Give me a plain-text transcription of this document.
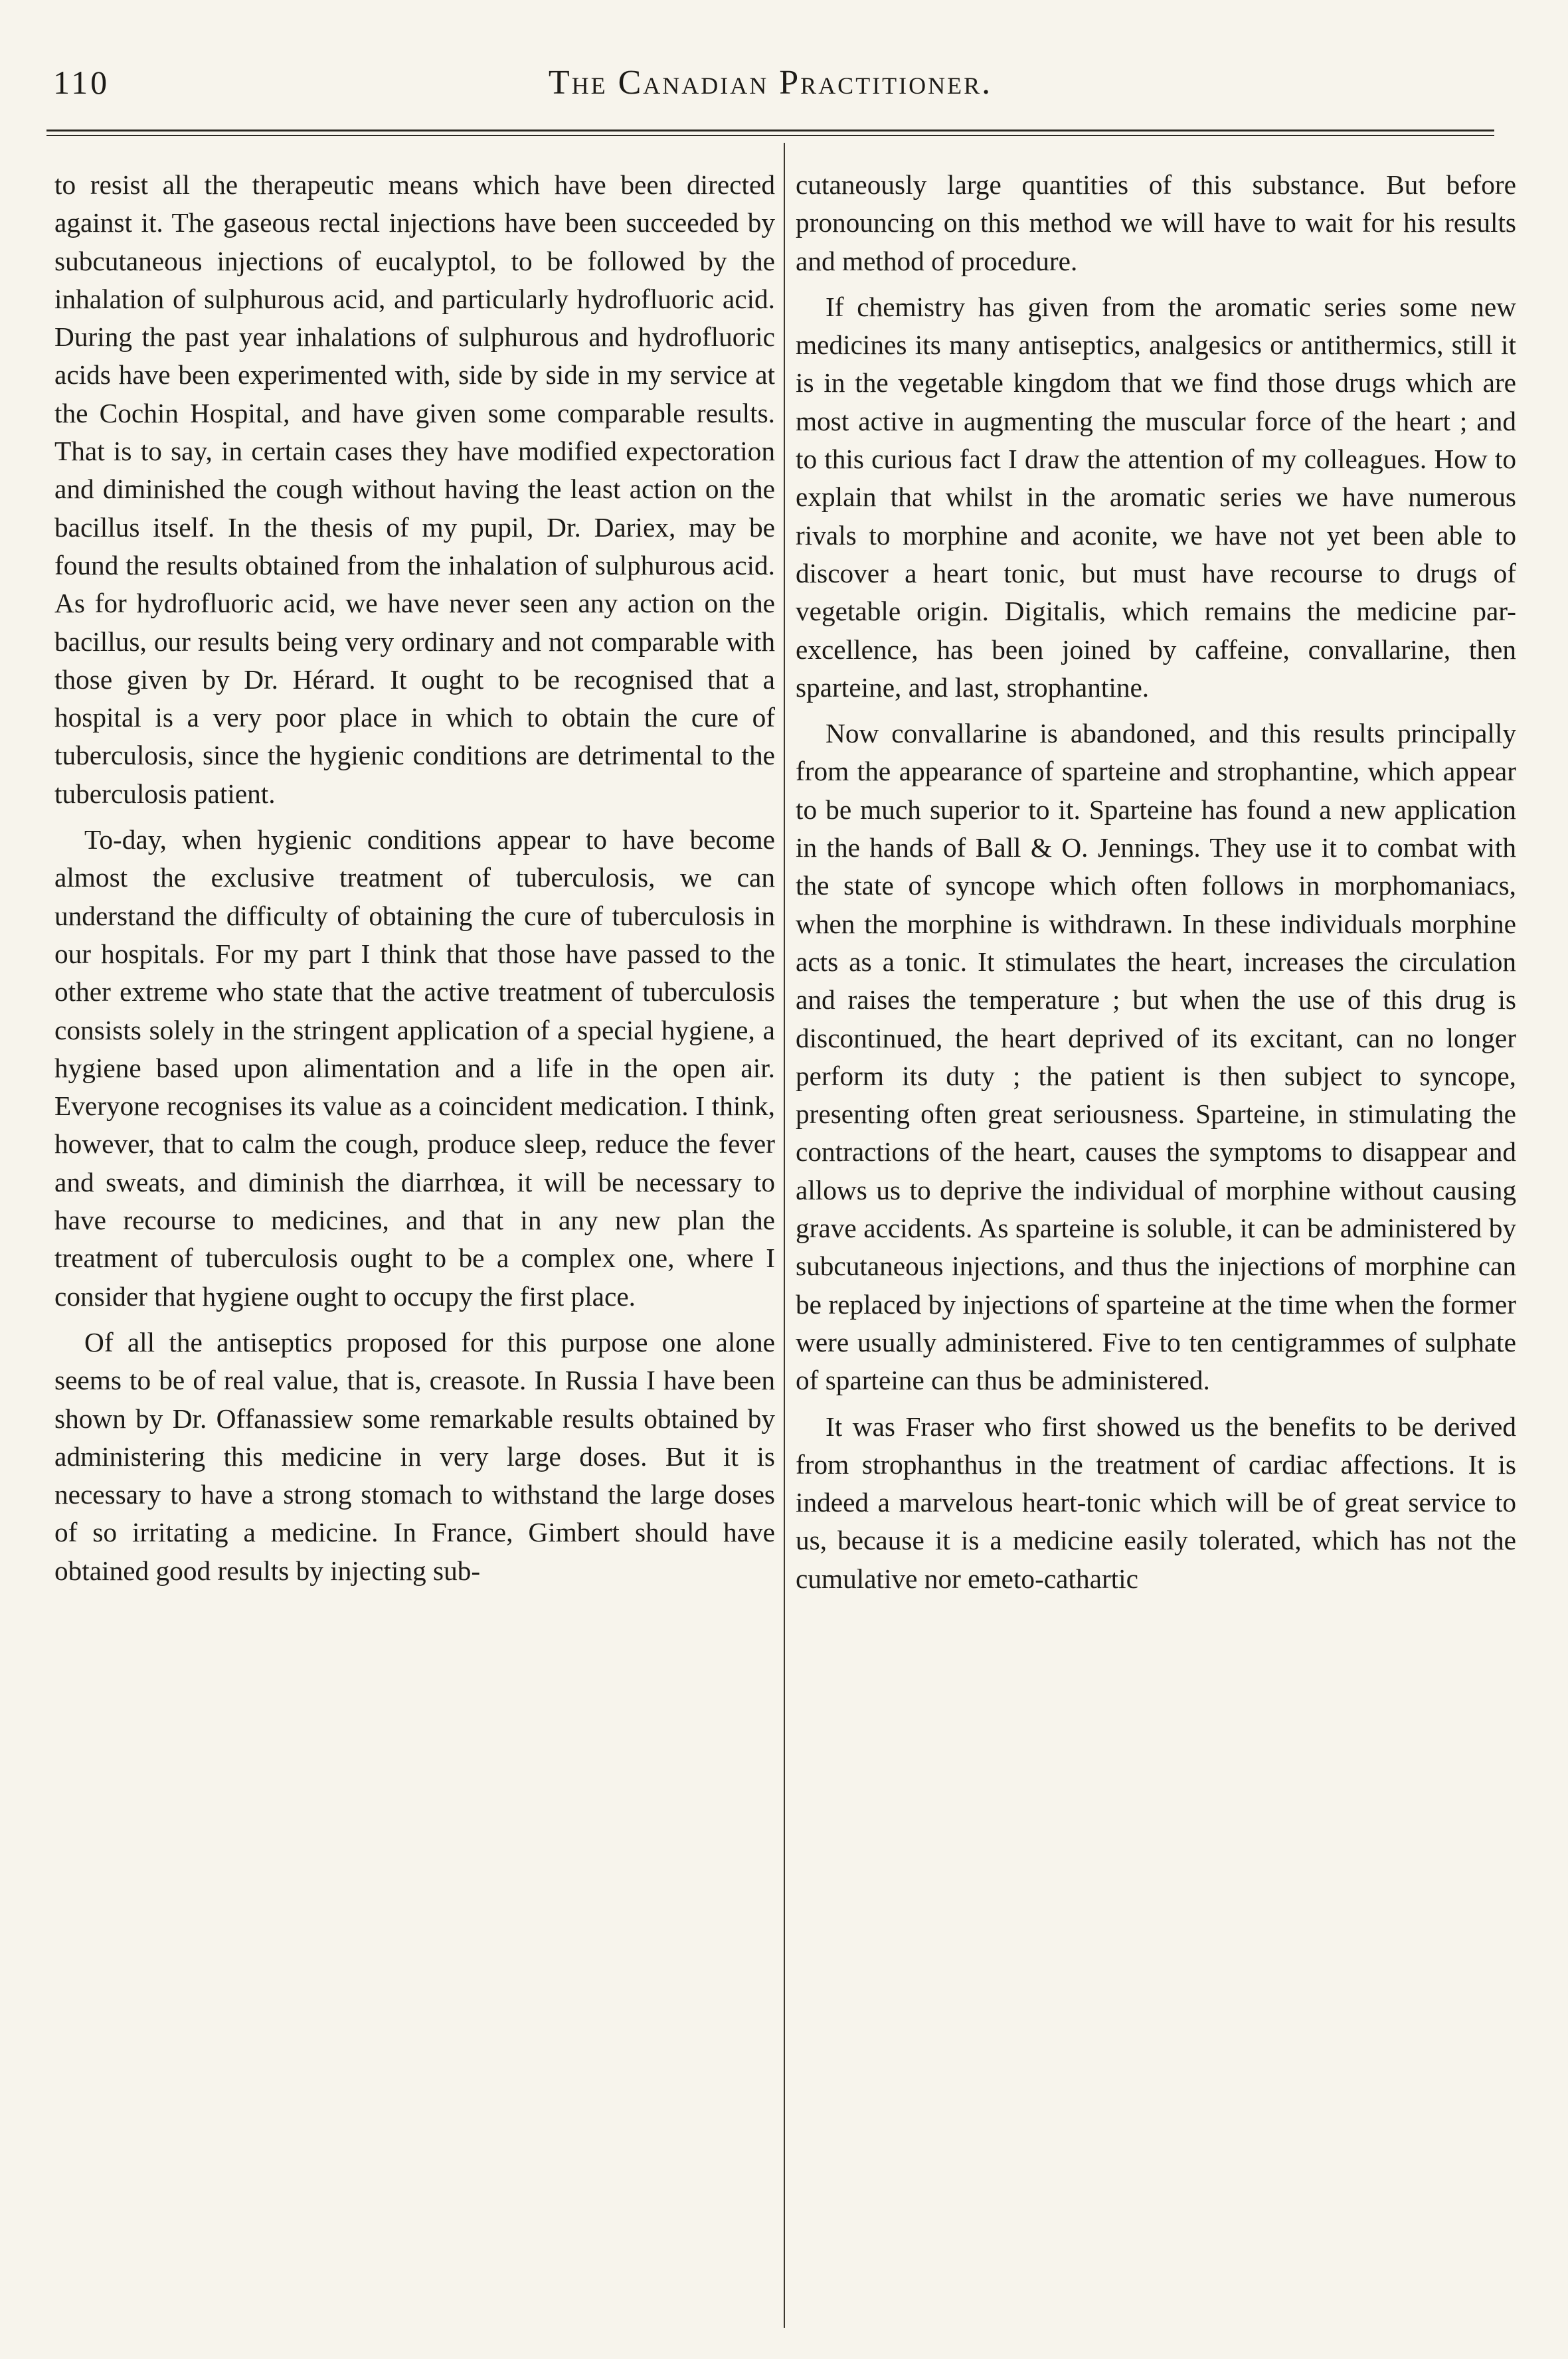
110	The Canadian Practitioner.

to resist all the therapeutic means which have been directed against it. The gaseous rectal injections have been succeeded by subcutaneous injections of eucalyptol, to be followed by the inhalation of sulphurous acid, and particularly hydrofluoric acid. During the past year inhalations of sulphurous and hydrofluoric acids have been experimented with, side by side in my service at the Cochin Hospital, and have given some comparable results. That is to say, in certain cases they have modified expectoration and diminished the cough without having the least action on the bacillus itself. In the thesis of my pupil, Dr. Dariex, may be found the results obtained from the inhalation of sulphurous acid. As for hydrofluoric acid, we have never seen any action on the bacillus, our results being very ordinary and not comparable with those given by Dr. Hérard. It ought to be recognised that a hospital is a very poor place in which to obtain the cure of tuberculosis, since the hygienic conditions are detrimental to the tuberculosis patient.

To-day, when hygienic conditions appear to have become almost the exclusive treatment of tuberculosis, we can understand the difficulty of obtaining the cure of tuberculosis in our hospitals. For my part I think that those have passed to the other extreme who state that the active treatment of tuberculosis consists solely in the stringent application of a special hygiene, a hygiene based upon alimentation and a life in the open air. Everyone recognises its value as a coincident medication. I think, however, that to calm the cough, produce sleep, reduce the fever and sweats, and diminish the diarrhœa, it will be necessary to have recourse to medicines, and that in any new plan the treatment of tuberculosis ought to be a complex one, where I consider that hygiene ought to occupy the first place.

Of all the antiseptics proposed for this purpose one alone seems to be of real value, that is, creasote. In Russia I have been shown by Dr. Offanassiew some remarkable results obtained by administering this medicine in very large doses. But it is necessary to have a strong stomach to withstand the large doses of so irritating a medicine. In France, Gimbert should have obtained good results by injecting sub-

cutaneously large quantities of this substance. But before pronouncing on this method we will have to wait for his results and method of procedure.

If chemistry has given from the aromatic series some new medicines its many antiseptics, analgesics or antithermics, still it is in the vegetable kingdom that we find those drugs which are most active in augmenting the muscular force of the heart ; and to this curious fact I draw the attention of my colleagues. How to explain that whilst in the aromatic series we have numerous rivals to morphine and aconite, we have not yet been able to discover a heart tonic, but must have recourse to drugs of vegetable origin. Digitalis, which remains the medicine par-excellence, has been joined by caffeine, convallarine, then sparteine, and last, strophantine.

Now convallarine is abandoned, and this results principally from the appearance of sparteine and strophantine, which appear to be much superior to it. Sparteine has found a new application in the hands of Ball & O. Jennings. They use it to combat with the state of syncope which often follows in morphomaniacs, when the morphine is withdrawn. In these individuals morphine acts as a tonic. It stimulates the heart, increases the circulation and raises the temperature ; but when the use of this drug is discontinued, the heart deprived of its excitant, can no longer perform its duty ; the patient is then subject to syncope, presenting often great seriousness. Sparteine, in stimulating the contractions of the heart, causes the symptoms to disappear and allows us to deprive the individual of morphine without causing grave accidents. As sparteine is soluble, it can be administered by subcutaneous injections, and thus the injections of morphine can be replaced by injections of sparteine at the time when the former were usually administered. Five to ten centigrammes of sulphate of sparteine can thus be administered.

It was Fraser who first showed us the benefits to be derived from strophanthus in the treatment of cardiac affections. It is indeed a marvelous heart-tonic which will be of great service to us, because it is a medicine easily tolerated, which has not the cumulative nor emeto-cathartic
